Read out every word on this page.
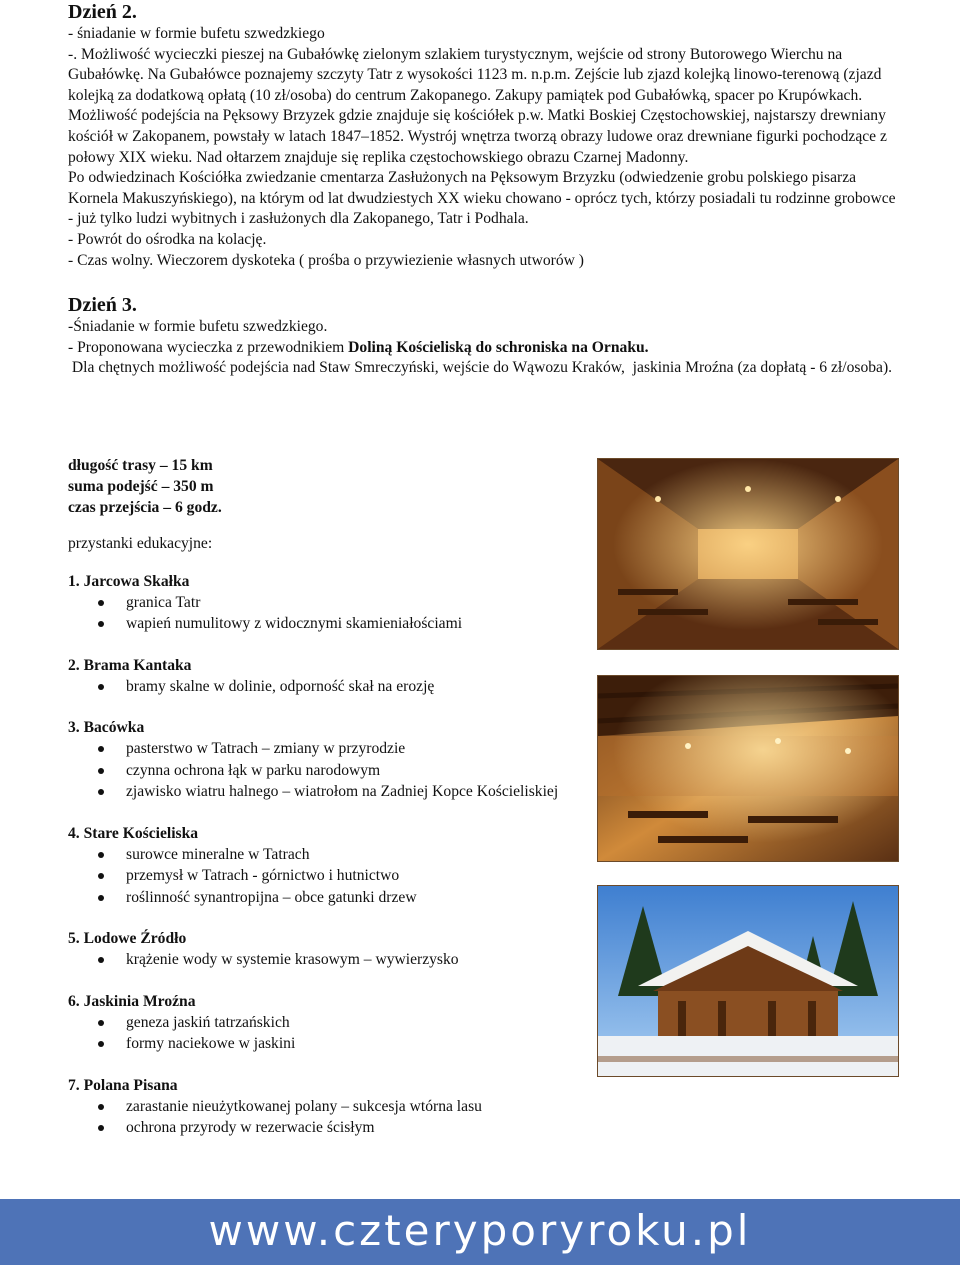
Dzień 2.

- śniadanie w formie bufetu szwedzkiego

-. Możliwość wycieczki pieszej na Gubałówkę zielonym szlakiem turystycznym, wejście od strony Butorowego Wierchu na Gubałówkę. Na Gubałówce poznajemy szczyty Tatr z wysokości 1123 m. n.p.m. Zejście lub zjazd kolejką linowo-terenową (zjazd kolejką za dodatkową opłatą (10 zł/osoba) do centrum Zakopanego. Zakupy pamiątek pod Gubałówką, spacer po Krupówkach.

Możliwość podejścia na Pęksowy Brzyzek gdzie znajduje się kościółek p.w. Matki Boskiej Częstochowskiej, najstarszy drewniany kościół w Zakopanem, powstały w latach 1847–1852. Wystrój wnętrza tworzą obrazy ludowe oraz drewniane figurki pochodzące z połowy XIX wieku. Nad ołtarzem znajduje się replika częstochowskiego obrazu Czarnej Madonny.

Po odwiedzinach Kościółka zwiedzanie cmentarza Zasłużonych na Pęksowym Brzyzku (odwiedzenie grobu polskiego pisarza Kornela Makuszyńskiego), na którym od lat dwudziestych XX wieku chowano - oprócz tych, którzy posiadali tu rodzinne grobowce - już tylko ludzi wybitnych i zasłużonych dla Zakopanego, Tatr i Podhala.

- Powrót do ośrodka na kolację.

- Czas wolny. Wieczorem dyskoteka ( prośba o przywiezienie własnych utworów )

Dzień 3.

-Śniadanie w formie bufetu szwedzkiego.

- Proponowana wycieczka z przewodnikiem Doliną Kościeliską do schroniska na Ornaku.

Dla chętnych możliwość podejścia nad Staw Smreczyński, wejście do Wąwozu Kraków,  jaskinia Mroźna (za dopłatą - 6 zł/osoba).

długość trasy – 15 km

suma podejść – 350 m

czas przejścia – 6 godz.

przystanki edukacyjne:

1. Jarcowa Skałka

granica Tatr
wapień numulitowy z widocznymi skamieniałościami

2. Brama Kantaka

bramy skalne w dolinie, odporność skał na erozję

3. Bacówka

pasterstwo w Tatrach – zmiany w przyrodzie
czynna ochrona łąk w parku narodowym
zjawisko wiatru halnego – wiatrołom na Zadniej Kopce Kościeliskiej

4. Stare Kościeliska

surowce mineralne w Tatrach
przemysł w Tatrach - górnictwo i hutnictwo
roślinność synantropijna – obce gatunki drzew

5. Lodowe Źródło

krążenie wody w systemie krasowym – wywierzysko

6. Jaskinia Mroźna

geneza jaskiń tatrzańskich
formy naciekowe w jaskini

7. Polana Pisana

zarastanie nieużytkowanej polany – sukcesja wtórna lasu
ochrona przyrody w rezerwacie ścisłym
www.czteryporyroku.pl
